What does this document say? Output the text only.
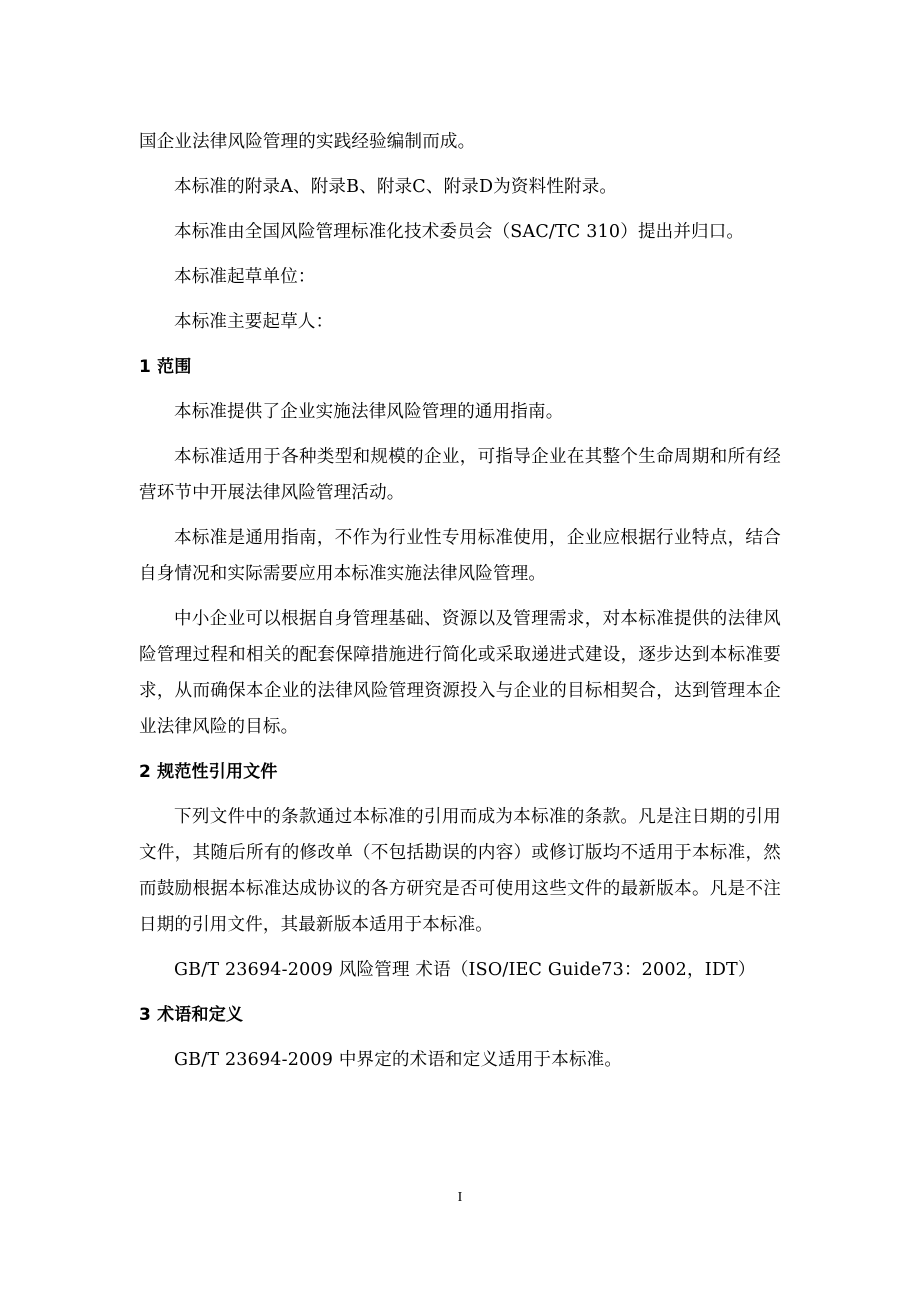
国企业法律风险管理的实践经验编制而成。

本标准的附录A、附录B、附录C、附录D为资料性附录。

本标准由全国风险管理标准化技术委员会（SAC/TC 310）提出并归口。

本标准起草单位：

本标准主要起草人：

1 范围

本标准提供了企业实施法律风险管理的通用指南。

本标准适用于各种类型和规模的企业，可指导企业在其整个生命周期和所有经营环节中开展法律风险管理活动。

本标准是通用指南，不作为行业性专用标准使用，企业应根据行业特点，结合自身情况和实际需要应用本标准实施法律风险管理。

中小企业可以根据自身管理基础、资源以及管理需求，对本标准提供的法律风险管理过程和相关的配套保障措施进行简化或采取递进式建设，逐步达到本标准要求，从而确保本企业的法律风险管理资源投入与企业的目标相契合，达到管理本企业法律风险的目标。

2 规范性引用文件

下列文件中的条款通过本标准的引用而成为本标准的条款。凡是注日期的引用文件，其随后所有的修改单（不包括勘误的内容）或修订版均不适用于本标准，然而鼓励根据本标准达成协议的各方研究是否可使用这些文件的最新版本。凡是不注日期的引用文件，其最新版本适用于本标准。

GB/T 23694-2009 风险管理 术语（ISO/IEC Guide73：2002，IDT）

3 术语和定义

GB/T 23694-2009 中界定的术语和定义适用于本标准。

I
